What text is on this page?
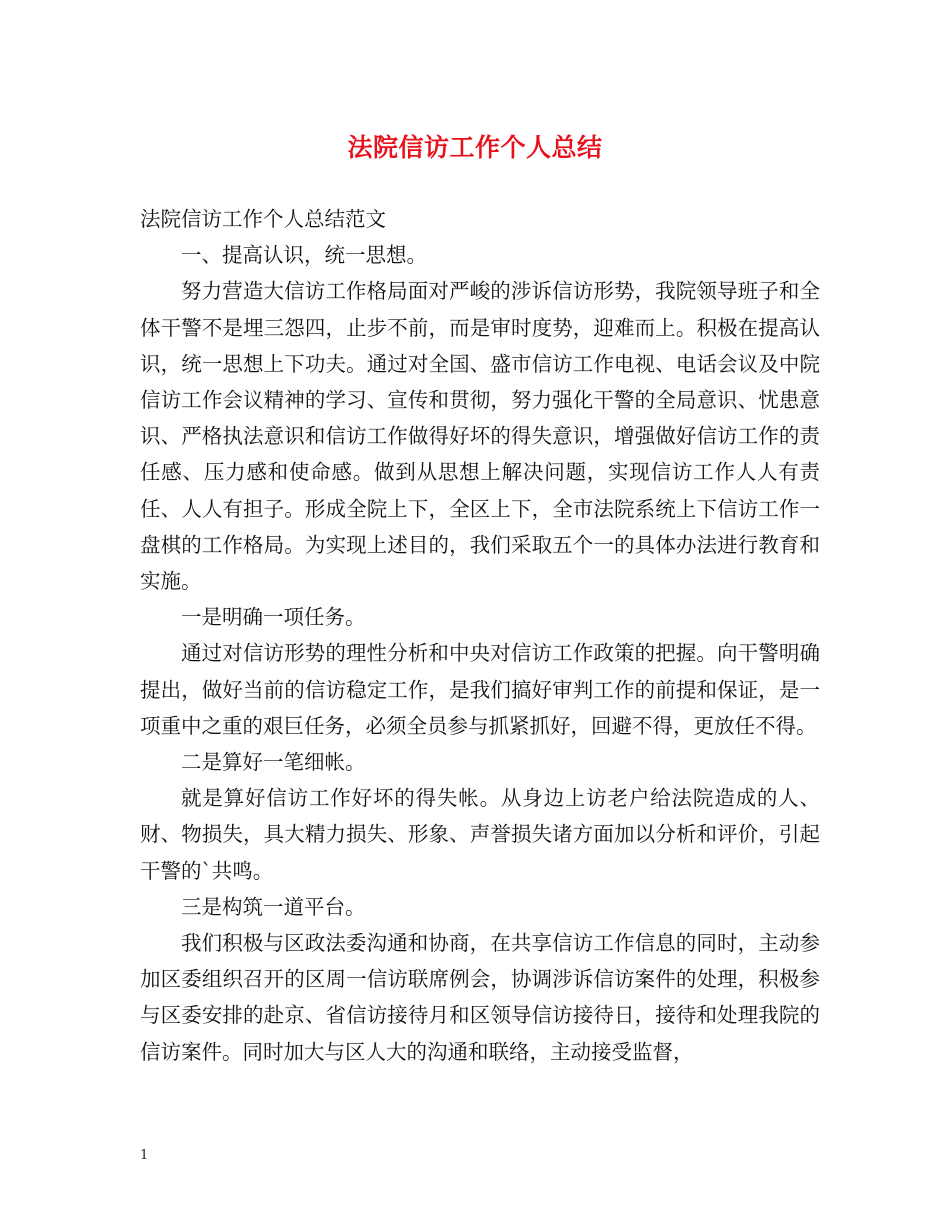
法院信访工作个人总结

法院信访工作个人总结范文

一、提高认识，统一思想。

努力营造大信访工作格局面对严峻的涉诉信访形势，我院领导班子和全体干警不是埋三怨四，止步不前，而是审时度势，迎难而上。积极在提高认识，统一思想上下功夫。通过对全国、盛市信访工作电视、电话会议及中院信访工作会议精神的学习、宣传和贯彻，努力强化干警的全局意识、忧患意识、严格执法意识和信访工作做得好坏的得失意识，增强做好信访工作的责任感、压力感和使命感。做到从思想上解决问题，实现信访工作人人有责任、人人有担子。形成全院上下，全区上下，全市法院系统上下信访工作一盘棋的工作格局。为实现上述目的，我们采取五个一的具体办法进行教育和实施。

一是明确一项任务。

通过对信访形势的理性分析和中央对信访工作政策的把握。向干警明确提出，做好当前的信访稳定工作，是我们搞好审判工作的前提和保证，是一项重中之重的艰巨任务，必须全员参与抓紧抓好，回避不得，更放任不得。

二是算好一笔细帐。

就是算好信访工作好坏的得失帐。从身边上访老户给法院造成的人、财、物损失，具大精力损失、形象、声誉损失诸方面加以分析和评价，引起干警的`共鸣。

三是构筑一道平台。

我们积极与区政法委沟通和协商，在共享信访工作信息的同时，主动参加区委组织召开的区周一信访联席例会，协调涉诉信访案件的处理，积极参与区委安排的赴京、省信访接待月和区领导信访接待日，接待和处理我院的信访案件。同时加大与区人大的沟通和联络，主动接受监督，

1
